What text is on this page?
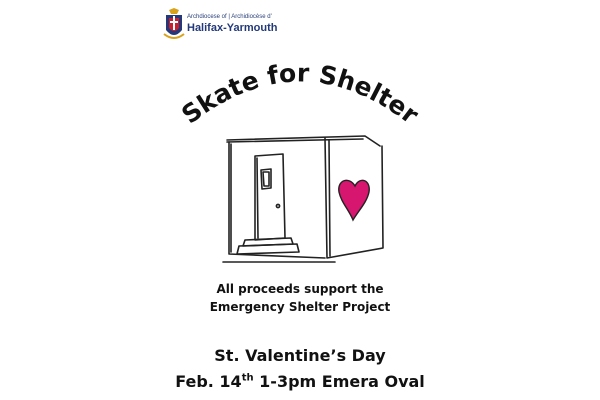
Archdiocese of | Archidiocèse d'
Halifax-Yarmouth
Skate for Shelter
All proceeds support the
Emergency Shelter Project
St. Valentine’s Day
Feb. 14th 1-3pm Emera Oval
